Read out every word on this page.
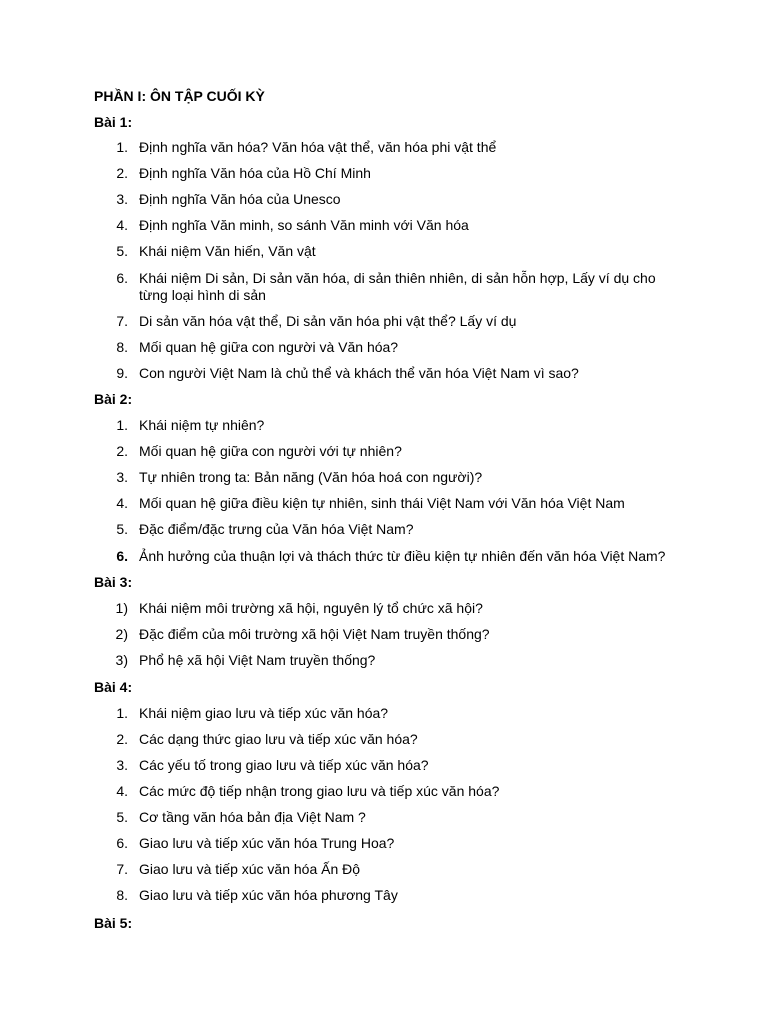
PHẦN I: ÔN TẬP CUỐI KỲ
Bài 1:
1. Định nghĩa văn hóa? Văn hóa vật thể, văn hóa phi vật thể
2. Định nghĩa Văn hóa của Hồ Chí Minh
3. Định nghĩa Văn hóa của Unesco
4. Định nghĩa Văn minh, so sánh Văn minh với Văn hóa
5. Khái niệm Văn hiến, Văn vật
6. Khái niệm Di sản, Di sản văn hóa, di sản thiên nhiên, di sản hỗn hợp, Lấy ví dụ cho từng loại hình di sản
7. Di sản văn hóa vật thể, Di sản văn hóa phi vật thể? Lấy ví dụ
8. Mối quan hệ giữa con người và Văn hóa?
9. Con người Việt Nam là chủ thể và khách thể văn hóa Việt Nam vì sao?
Bài 2:
1. Khái niệm tự nhiên?
2. Mối quan hệ giữa con người với tự nhiên?
3. Tự nhiên trong ta: Bản năng (Văn hóa hoá con người)?
4. Mối quan hệ giữa điều kiện tự nhiên, sinh thái Việt Nam với Văn hóa Việt Nam
5. Đặc điểm/đặc trưng của Văn hóa Việt Nam?
6. Ảnh hưởng của thuận lợi và thách thức từ điều kiện tự nhiên đến văn hóa Việt Nam?
Bài 3:
1) Khái niệm môi trường xã hội, nguyên lý tổ chức xã hội?
2) Đặc điểm của môi trường xã hội Việt Nam truyền thống?
3) Phổ hệ xã hội Việt Nam truyền thống?
Bài 4:
1. Khái niệm giao lưu và tiếp xúc văn hóa?
2. Các dạng thức giao lưu và tiếp xúc văn hóa?
3. Các yếu tố trong giao lưu và tiếp xúc văn hóa?
4. Các mức độ tiếp nhận trong giao lưu và tiếp xúc văn hóa?
5. Cơ tầng văn hóa bản địa Việt Nam ?
6. Giao lưu và tiếp xúc văn hóa Trung Hoa?
7. Giao lưu và tiếp xúc văn hóa Ấn Độ
8. Giao lưu và tiếp xúc văn hóa phương Tây
Bài 5:
